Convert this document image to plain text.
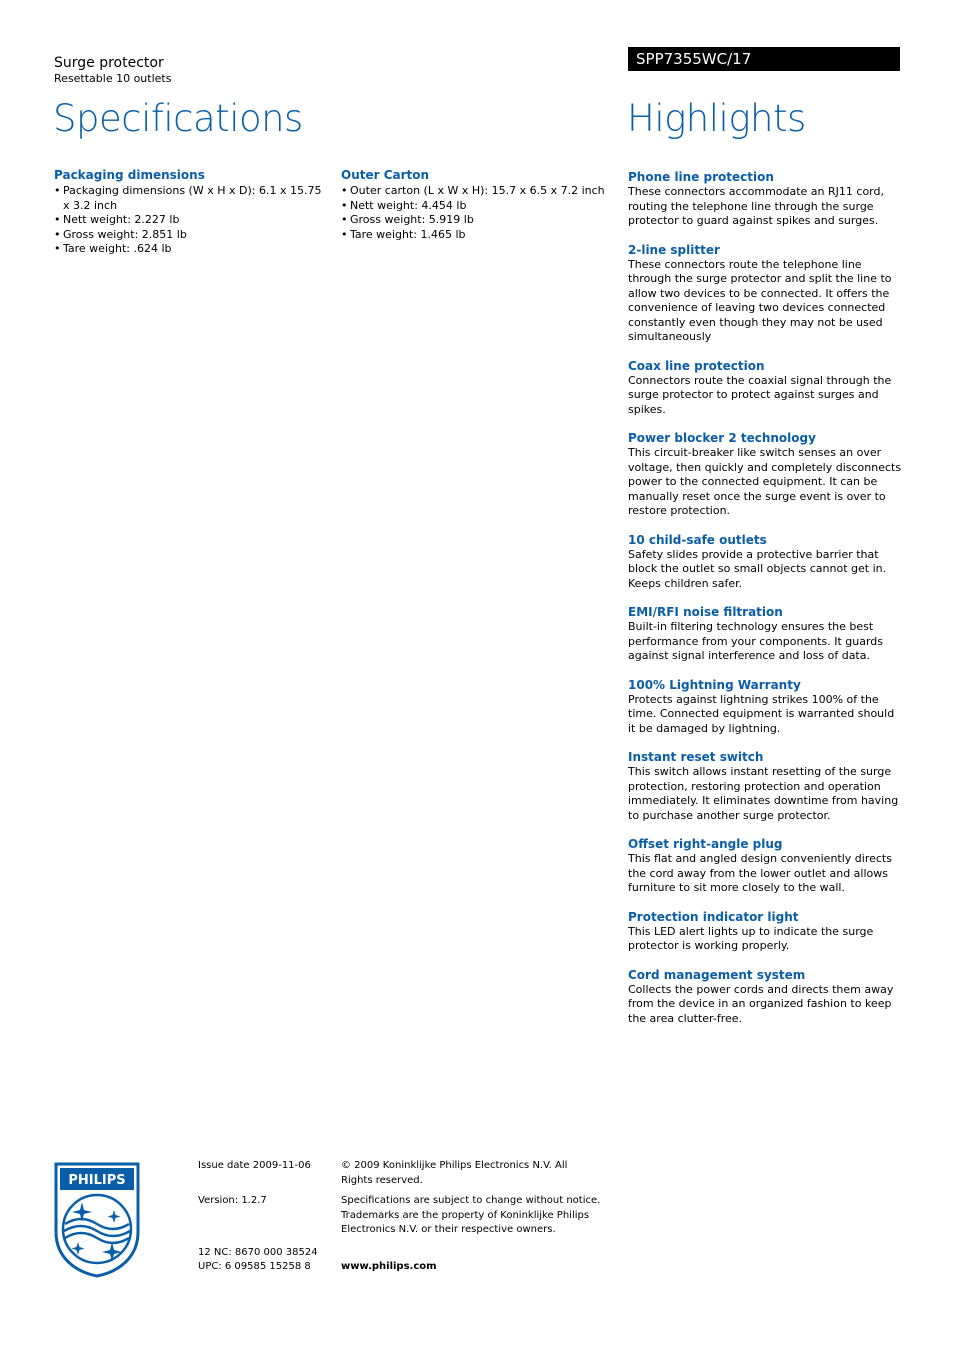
Surge protector
Resettable 10 outlets
SPP7355WC/17
Specifications	Highlights
Packaging dimensions
• Packaging dimensions (W x H x D): 6.1 x 15.75 x 3.2 inch
• Nett weight: 2.227 lb
• Gross weight: 2.851 lb
• Tare weight: .624 lb
Outer Carton
• Outer carton (L x W x H): 15.7 x 6.5 x 7.2 inch
• Nett weight: 4.454 lb
• Gross weight: 5.919 lb
• Tare weight: 1.465 lb
Phone line protection
These connectors accommodate an RJ11 cord, routing the telephone line through the surge protector to guard against spikes and surges.
2-line splitter
These connectors route the telephone line through the surge protector and split the line to allow two devices to be connected. It offers the convenience of leaving two devices connected constantly even though they may not be used simultaneously
Coax line protection
Connectors route the coaxial signal through the surge protector to protect against surges and spikes.
Power blocker 2 technology
This circuit-breaker like switch senses an over voltage, then quickly and completely disconnects power to the connected equipment. It can be manually reset once the surge event is over to restore protection.
10 child-safe outlets
Safety slides provide a protective barrier that block the outlet so small objects cannot get in. Keeps children safer.
EMI/RFI noise filtration
Built-in filtering technology ensures the best performance from your components. It guards against signal interference and loss of data.
100% Lightning Warranty
Protects against lightning strikes 100% of the time. Connected equipment is warranted should it be damaged by lightning.
Instant reset switch
This switch allows instant resetting of the surge protection, restoring protection and operation immediately. It eliminates downtime from having to purchase another surge protector.
Offset right-angle plug
This flat and angled design conveniently directs the cord away from the lower outlet and allows furniture to sit more closely to the wall.
Protection indicator light
This LED alert lights up to indicate the surge protector is working properly.
Cord management system
Collects the power cords and directs them away from the device in an organized fashion to keep the area clutter-free.
PHILIPS
Issue date 2009-11-06
Version: 1.2.7
12 NC: 8670 000 38524
UPC: 6 09585 15258 8
© 2009 Koninklijke Philips Electronics N.V. All Rights reserved.
Specifications are subject to change without notice. Trademarks are the property of Koninklijke Philips Electronics N.V. or their respective owners.
www.philips.com
